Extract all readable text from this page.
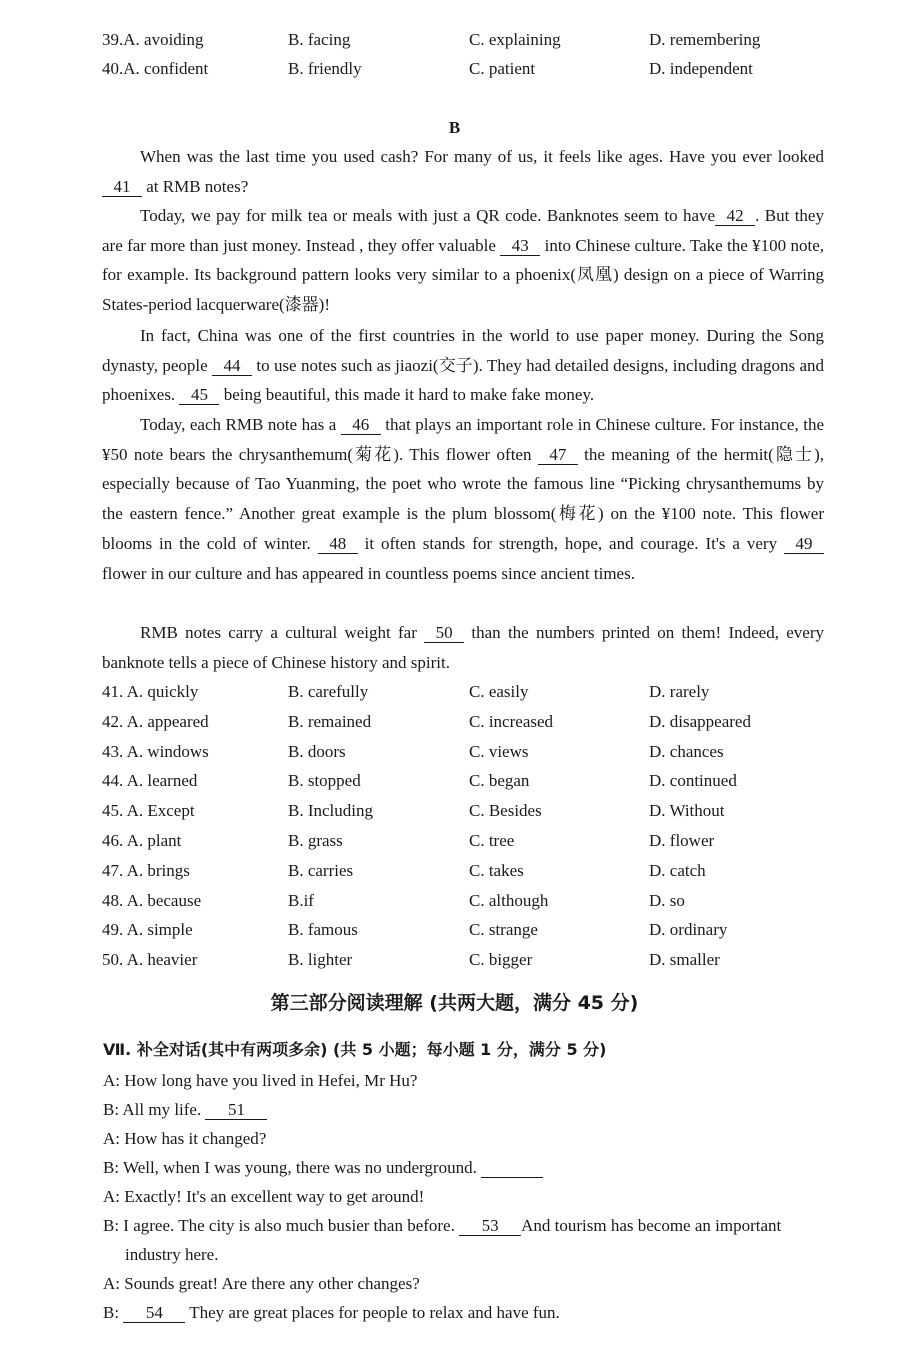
39.A. avoiding	B. facing	C. explaining	D. remembering
40.A. confident	B. friendly	C. patient	D. independent
B
When was the last time you used cash? For many of us, it feels like ages. Have you ever looked 41 at RMB notes?
Today, we pay for milk tea or meals with just a QR code. Banknotes seem to have 42 . But they are far more than just money. Instead , they offer valuable 43 into Chinese culture. Take the ¥100 note, for example. Its background pattern looks very similar to a phoenix(凤凰) design on a piece of Warring States-period lacquerware(漆器)!
In fact, China was one of the first countries in the world to use paper money. During the Song dynasty, people 44 to use notes such as jiaozi(交子). They had detailed designs, including dragons and phoenixes. 45 being beautiful, this made it hard to make fake money.
Today, each RMB note has a 46 that plays an important role in Chinese culture. For instance, the ¥50 note bears the chrysanthemum(菊花). This flower often 47 the meaning of the hermit(隐士), especially because of Tao Yuanming, the poet who wrote the famous line “Picking chrysanthemums by the eastern fence.” Another great example is the plum blossom(梅花) on the ¥100 note. This flower blooms in the cold of winter. 48 it often stands for strength, hope, and courage. It's a very 49 flower in our culture and has appeared in countless poems since ancient times.
RMB notes carry a cultural weight far 50 than the numbers printed on them! Indeed, every banknote tells a piece of Chinese history and spirit.
41. A. quickly	B. carefully	C. easily	D. rarely
42. A. appeared	B. remained	C. increased	D. disappeared
43. A. windows	B. doors	C. views	D. chances
44. A. learned	B. stopped	C. began	D. continued
45. A. Except	B. Including	C. Besides	D. Without
46. A. plant	B. grass	C. tree	D. flower
47. A. brings	B. carries	C. takes	D. catch
48. A. because	B.if	C. although	D. so
49. A. simple	B. famous	C. strange	D. ordinary
50. A. heavier	B. lighter	C. bigger	D. smaller
第三部分阅读理解 (共两大题，满分 45 分)
Ⅶ. 补全对话(其中有两项多余) (共 5 小题；每小题 1 分，满分 5 分)
A: How long have you lived in Hefei, Mr Hu?
B: All my life. 51
A: How has it changed?
B: Well, when I was young, there was no underground.
A: Exactly! It's an excellent way to get around!
B: I agree. The city is also much busier than before. 53 And tourism has become an important
industry here.
A: Sounds great! Are there any other changes?
B: 54 They are great places for people to relax and have fun.
